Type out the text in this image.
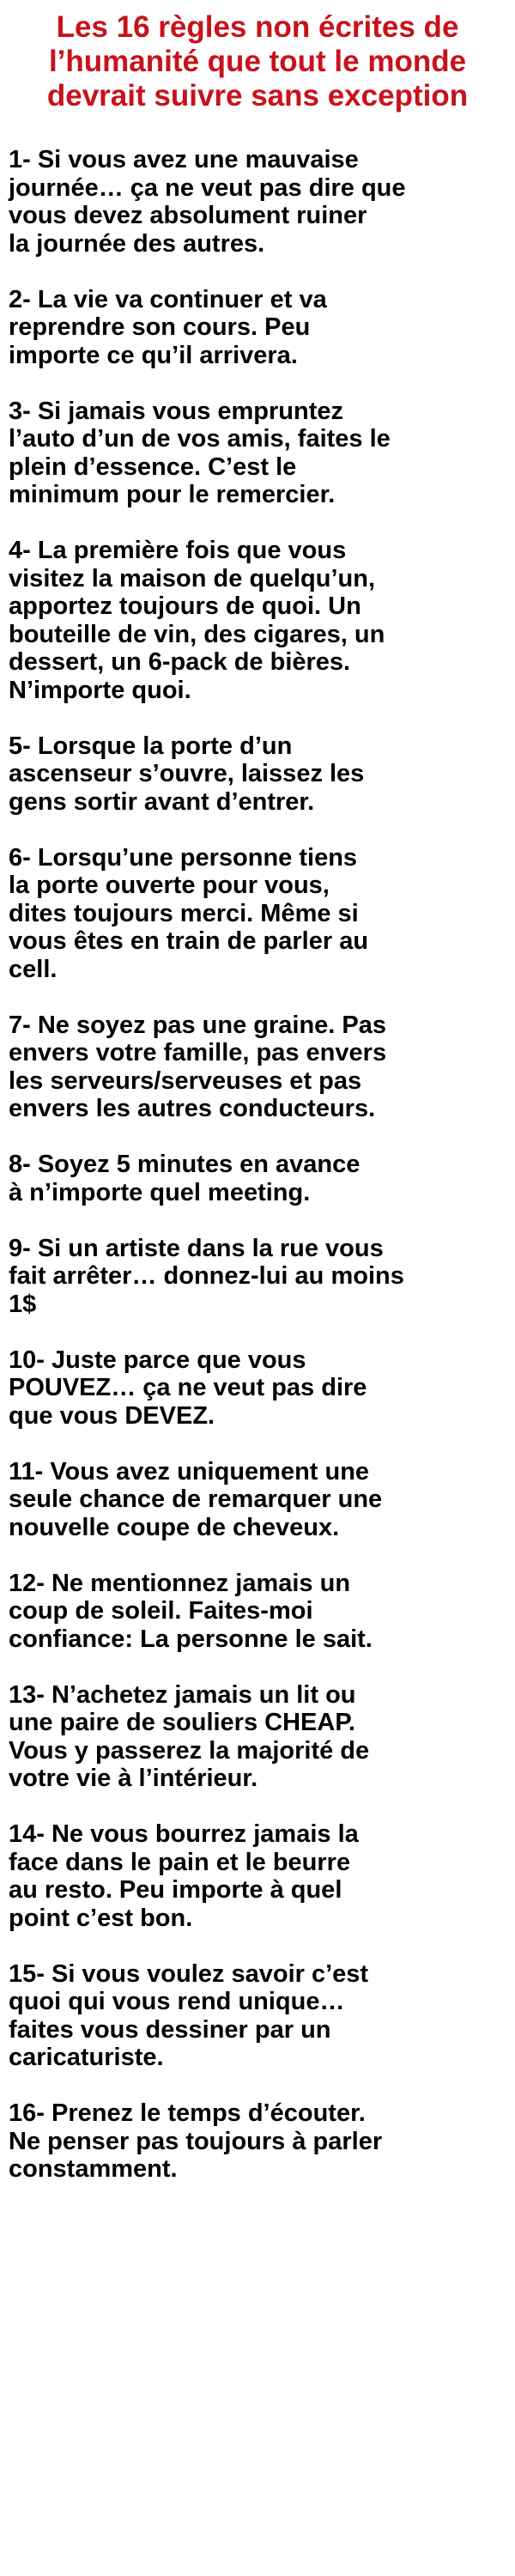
Les 16 règles non écrites de
l’humanité que tout le monde
devrait suivre sans exception
1- Si vous avez une mauvaise
journée… ça ne veut pas dire que
vous devez absolument ruiner
la journée des autres.
2- La vie va continuer et va
reprendre son cours. Peu
importe ce qu’il arrivera.
3- Si jamais vous empruntez
l’auto d’un de vos amis, faites le
plein d’essence. C’est le
minimum pour le remercier.
4- La première fois que vous
visitez la maison de quelqu’un,
apportez toujours de quoi. Un
bouteille de vin, des cigares, un
dessert, un 6-pack de bières.
N’importe quoi.
5- Lorsque la porte d’un
ascenseur s’ouvre, laissez les
gens sortir avant d’entrer.
6- Lorsqu’une personne tiens
la porte ouverte pour vous,
dites toujours merci. Même si
vous êtes en train de parler au
cell.
7- Ne soyez pas une graine. Pas
envers votre famille, pas envers
les serveurs/serveuses et pas
envers les autres conducteurs.
8- Soyez 5 minutes en avance
à n’importe quel meeting.
9- Si un artiste dans la rue vous
fait arrêter… donnez-lui au moins
1$
10- Juste parce que vous
POUVEZ… ça ne veut pas dire
que vous DEVEZ.
11- Vous avez uniquement une
seule chance de remarquer une
nouvelle coupe de cheveux.
12- Ne mentionnez jamais un
coup de soleil. Faites-moi
confiance: La personne le sait.
13- N’achetez jamais un lit ou
une paire de souliers CHEAP.
Vous y passerez la majorité de
votre vie à l’intérieur.
14- Ne vous bourrez jamais la
face dans le pain et le beurre
au resto. Peu importe à quel
point c’est bon.
15- Si vous voulez savoir c’est
quoi qui vous rend unique…
faites vous dessiner par un
caricaturiste.
16- Prenez le temps d’écouter.
Ne penser pas toujours à parler
constamment.
